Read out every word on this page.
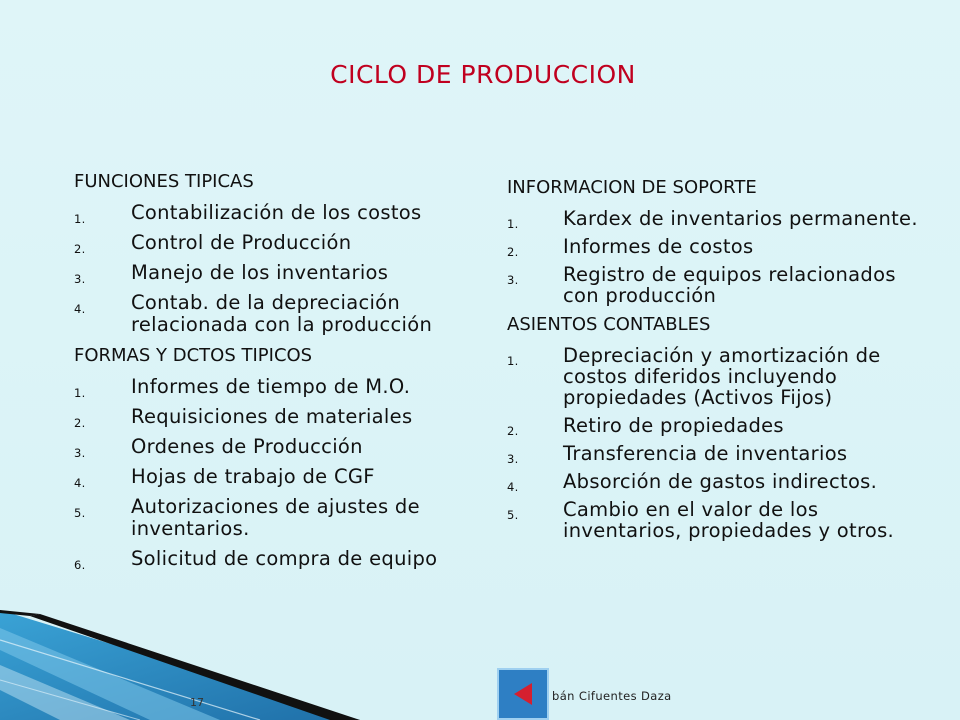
CICLO DE PRODUCCION
FUNCIONES TIPICAS
1. Contabilización de los costos
2. Control de Producción
3. Manejo de los inventarios
4. Contab. de la depreciación relacionada con la producción
FORMAS Y DCTOS TIPICOS
1. Informes de tiempo de M.O.
2. Requisiciones de materiales
3. Ordenes de Producción
4. Hojas de trabajo de CGF
5. Autorizaciones de ajustes de inventarios.
6. Solicitud de compra de equipo
INFORMACION DE SOPORTE
1. Kardex de inventarios permanente.
2. Informes de costos
3. Registro de equipos relacionados con producción
ASIENTOS CONTABLES
1. Depreciación y amortización de costos diferidos incluyendo propiedades (Activos Fijos)
2. Retiro de propiedades
3. Transferencia de inventarios
4. Absorción de gastos indirectos.
5. Cambio en el valor de los inventarios, propiedades y otros.
17	bán Cifuentes Daza
